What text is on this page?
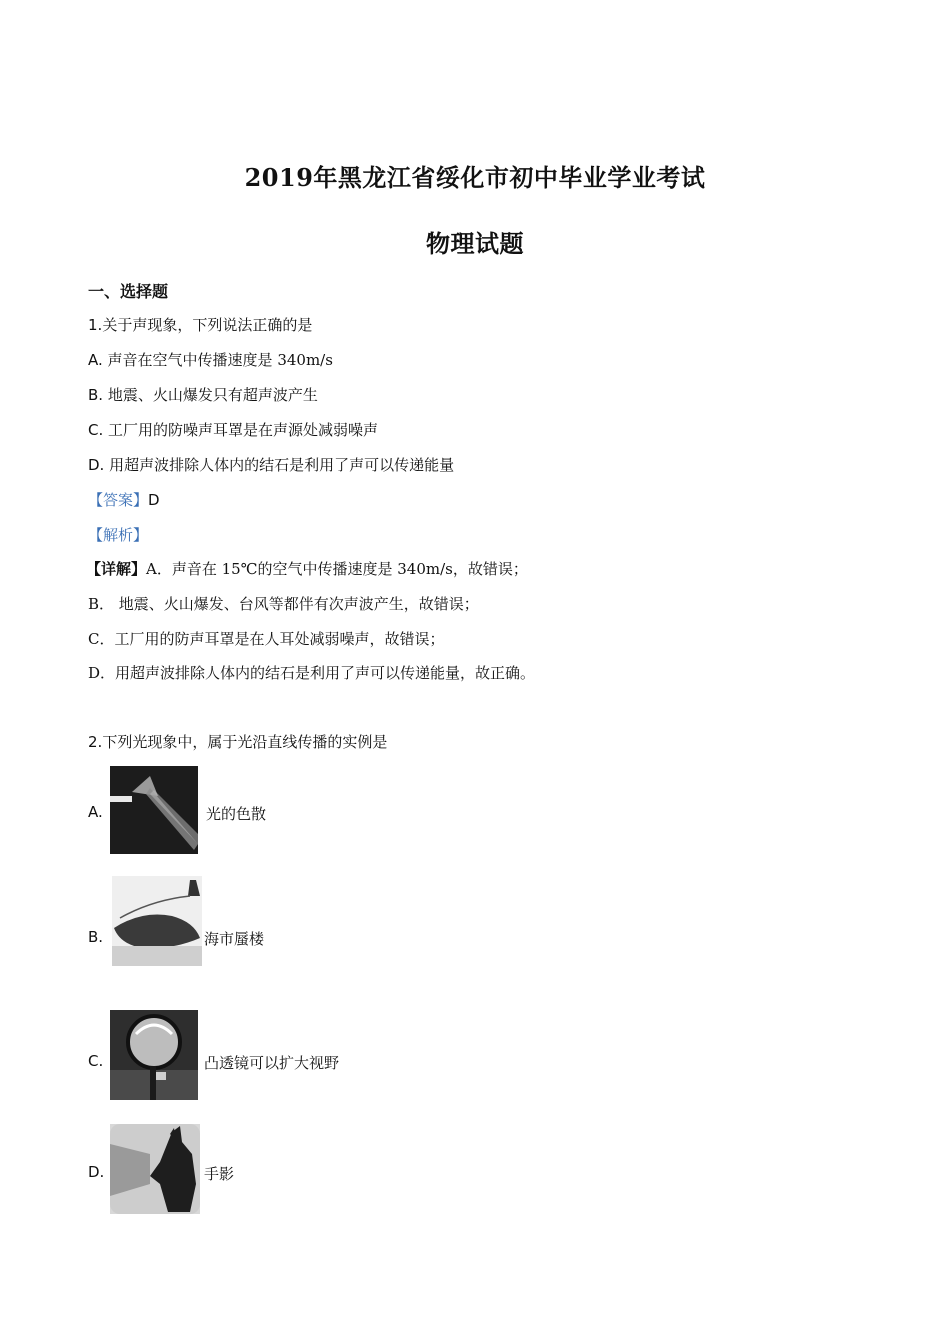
2019年黑龙江省绥化市初中毕业学业考试
物理试题
一、选择题
1.关于声现象，下列说法正确的是
A. 声音在空气中传播速度是 340m/s
B. 地震、火山爆发只有超声波产生
C. 工厂用的防噪声耳罩是在声源处减弱噪声
D. 用超声波排除人体内的结石是利用了声可以传递能量
【答案】D
【解析】
【详解】A．声音在 15℃的空气中传播速度是 340m/s，故错误；
B． 地震、火山爆发、台风等都伴有次声波产生，故错误；
C．工厂用的防声耳罩是在人耳处减弱噪声，故错误；
D．用超声波排除人体内的结石是利用了声可以传递能量，故正确。
2.下列光现象中，属于光沿直线传播的实例是
A.	光的色散
B.	海市蜃楼
C.	凸透镜可以扩大视野
D.	手影
